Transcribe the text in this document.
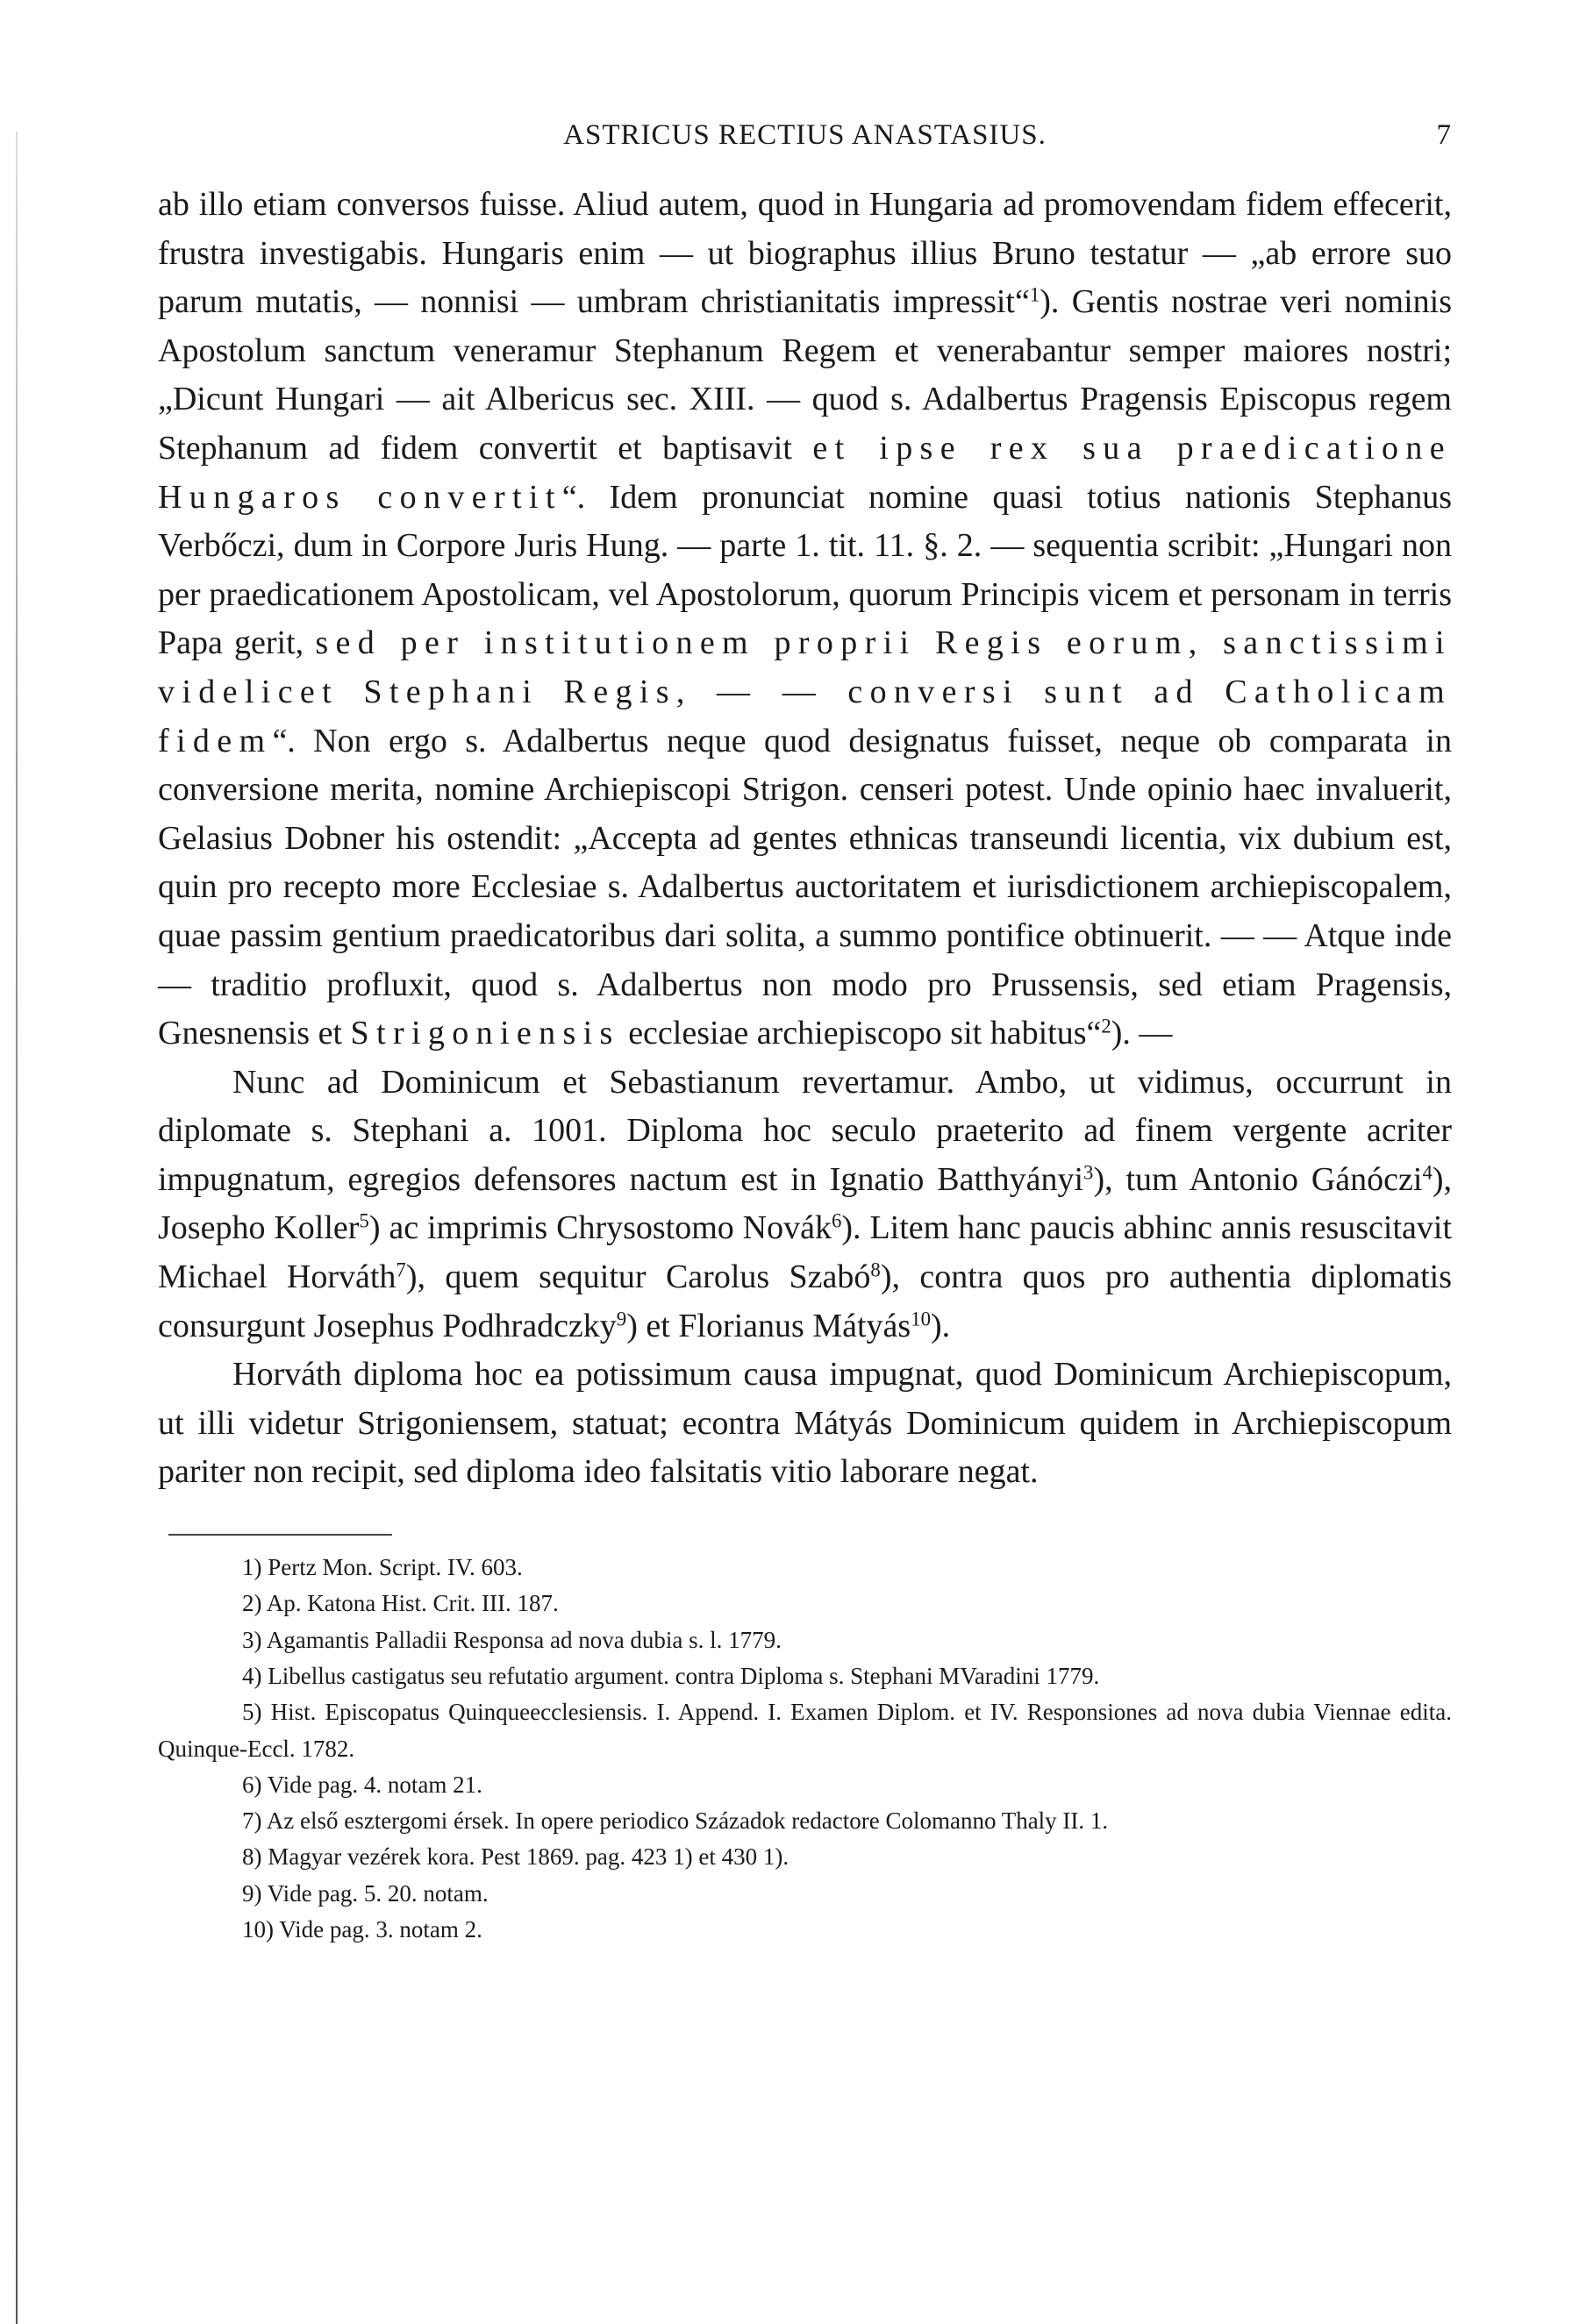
ASTRICUS RECTIUS ANASTASIUS.	7

ab illo etiam conversos fuisse. Aliud autem, quod in Hungaria ad promovendam fidem effecerit, frustra investigabis. Hungaris enim — ut biographus illius Bruno testatur — „ab errore suo parum mutatis, — nonnisi — umbram christianitatis impressit“$^1$). Gentis nostrae veri nominis Apostolum sanctum veneramur Stephanum Regem et venerabantur semper maiores nostri; „Dicunt Hungari — ait Albericus sec. XIII. — quod s. Adalbertus Pragensis Episcopus regem Stephanum ad fidem convertit et baptisavit et ipse rex sua praedicatione Hungaros convertit“. Idem pronunciat nomine quasi totius nationis Stephanus Verbőczi, dum in Corpore Juris Hung. — parte 1. tit. 11. §. 2. — sequentia scribit: „Hungari non per praedicationem Apostolicam, vel Apostolorum, quorum Principis vicem et personam in terris Papa gerit, sed per institutionem proprii Regis eorum, sanctissimi videlicet Stephani Regis, — — conversi sunt ad Catholicam fidem“. Non ergo s. Adalbertus neque quod designatus fuisset, neque ob comparata in conversione merita, nomine Archiepiscopi Strigon. censeri potest. Unde opinio haec invaluerit, Gelasius Dobner his ostendit: „Accepta ad gentes ethnicas transeundi licentia, vix dubium est, quin pro recepto more Ecclesiae s. Adalbertus auctoritatem et iurisdictionem archiepiscopalem, quae passim gentium praedicatoribus dari solita, a summo pontifice obtinuerit. — — Atque inde — traditio profluxit, quod s. Adalbertus non modo pro Prussensis, sed etiam Pragensis, Gnesnensis et Strigoniensis ecclesiae archiepiscopo sit habitus“$^2$). —

Nunc ad Dominicum et Sebastianum revertamur. Ambo, ut vidimus, occurrunt in diplomate s. Stephani a. 1001. Diploma hoc seculo praeterito ad finem vergente acriter impugnatum, egregios defensores nactum est in Ignatio Batthyányi$^3$), tum Antonio Gánóczi$^4$), Josepho Koller$^5$) ac imprimis Chrysostomo Novák$^6$). Litem hanc paucis abhinc annis resuscitavit Michael Horváth$^7$), quem sequitur Carolus Szabó$^8$), contra quos pro authentia diplomatis consurgunt Josephus Podhradczky$^9$) et Florianus Mátyás$^{10}$).

Horváth diploma hoc ea potissimum causa impugnat, quod Dominicum Archiepiscopum, ut illi videtur Strigoniensem, statuat; econtra Mátyás Dominicum quidem in Archiepiscopum pariter non recipit, sed diploma ideo falsitatis vitio laborare negat.

1) Pertz Mon. Script. IV. 603.

2) Ap. Katona Hist. Crit. III. 187.

3) Agamantis Palladii Responsa ad nova dubia s. l. 1779.

4) Libellus castigatus seu refutatio argument. contra Diploma s. Stephani MVaradini 1779.

5) Hist. Episcopatus Quinqueecclesiensis. I. Append. I. Examen Diplom. et IV. Responsiones ad nova dubia Viennae edita. Quinque-Eccl. 1782.

6) Vide pag. 4. notam 21.

7) Az első esztergomi érsek. In opere periodico Századok redactore Colomanno Thaly II. 1.

8) Magyar vezérek kora. Pest 1869. pag. 423 1) et 430 1).

9) Vide pag. 5. 20. notam.

10) Vide pag. 3. notam 2.
